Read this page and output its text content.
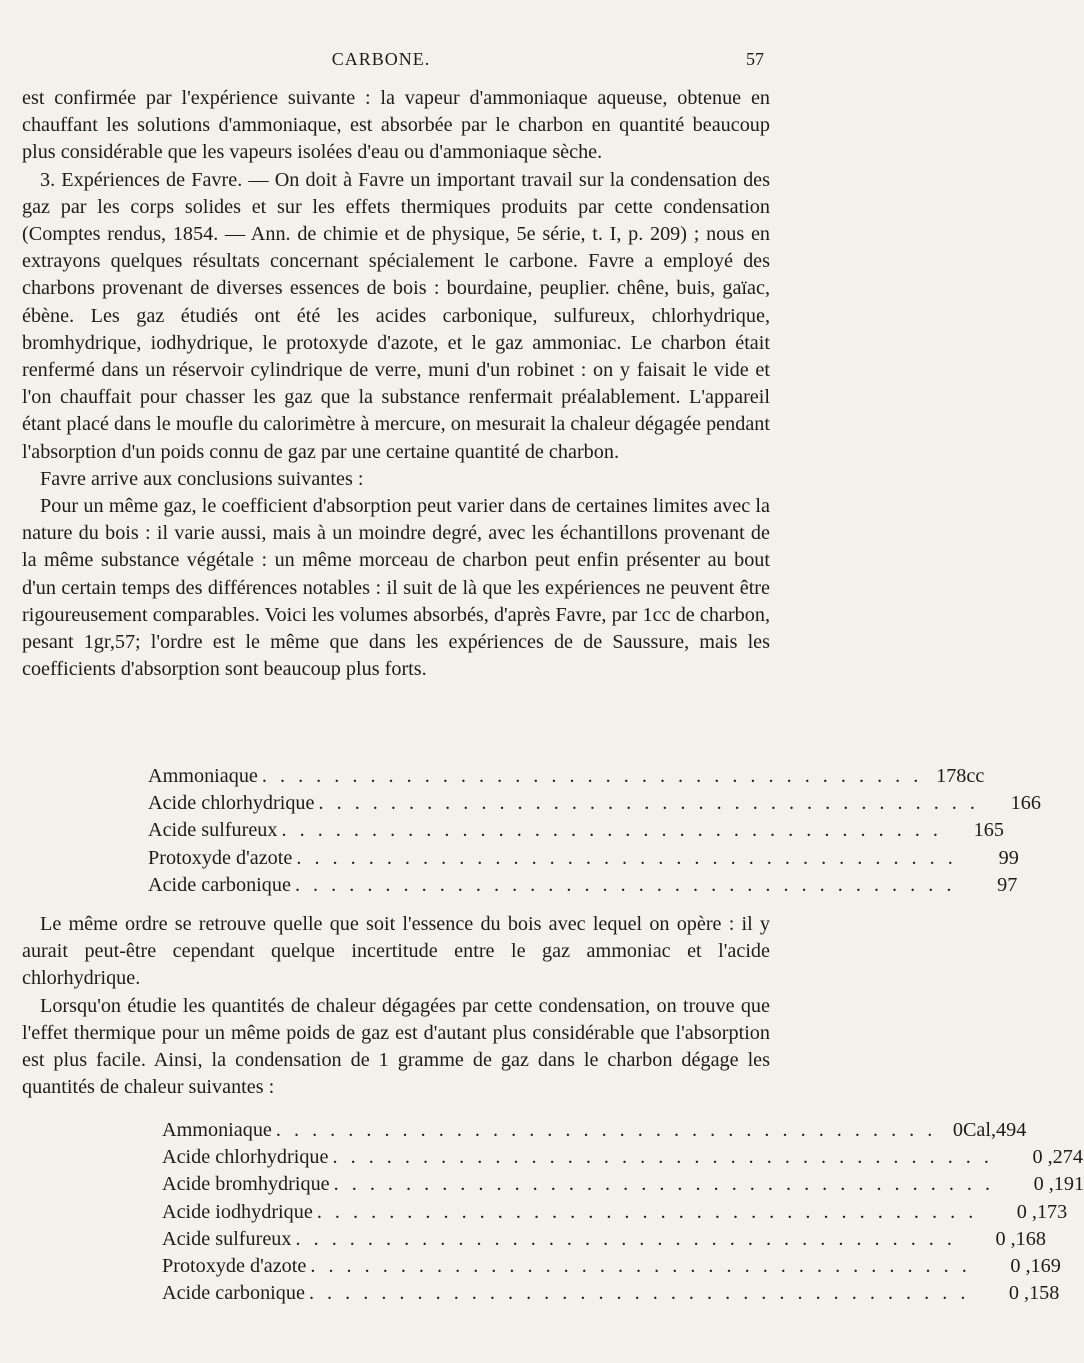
CARBONE.	57

est confirmée par l'expérience suivante : la vapeur d'ammoniaque aqueuse, obtenue en chauffant les solutions d'ammoniaque, est absorbée par le charbon en quantité beaucoup plus considérable que les vapeurs isolées d'eau ou d'ammoniaque sèche.

3. Expériences de Favre. — On doit à Favre un important travail sur la condensation des gaz par les corps solides et sur les effets thermiques produits par cette condensation (Comptes rendus, 1854. — Ann. de chimie et de physique, 5e série, t. I, p. 209) ; nous en extrayons quelques résultats concernant spécialement le carbone. Favre a employé des charbons provenant de diverses essences de bois : bourdaine, peuplier. chêne, buis, gaïac, ébène. Les gaz étudiés ont été les acides carbonique, sulfureux, chlorhydrique, bromhydrique, iodhydrique, le protoxyde d'azote, et le gaz ammoniac. Le charbon était renfermé dans un réservoir cylindrique de verre, muni d'un robinet : on y faisait le vide et l'on chauffait pour chasser les gaz que la substance renfermait préalablement. L'appareil étant placé dans le moufle du calorimètre à mercure, on mesurait la chaleur dégagée pendant l'absorption d'un poids connu de gaz par une certaine quantité de charbon.

Favre arrive aux conclusions suivantes :

Pour un même gaz, le coefficient d'absorption peut varier dans de certaines limites avec la nature du bois : il varie aussi, mais à un moindre degré, avec les échantillons provenant de la même substance végétale : un même morceau de charbon peut enfin présenter au bout d'un certain temps des différences notables : il suit de là que les expériences ne peuvent être rigoureusement comparables. Voici les volumes absorbés, d'après Favre, par 1cc de charbon, pesant 1gr,57; l'ordre est le même que dans les expériences de de Saussure, mais les coefficients d'absorption sont beaucoup plus forts.

Ammoniaque . . . . . . . . . . . . . . . . . . . . . . . . . . . . . . . . . . . . . 178cc
Acide chlorhydrique . . . . . . . . . . . . . . . . . . . . . . . . . . . . . . . . . . . . .	166
Acide sulfureux . . . . . . . . . . . . . . . . . . . . . . . . . . . . . . . . . . . . .	165
Protoxyde d'azote . . . . . . . . . . . . . . . . . . . . . . . . . . . . . . . . . . . . .	99
Acide carbonique . . . . . . . . . . . . . . . . . . . . . . . . . . . . . . . . . . . . .	97

Le même ordre se retrouve quelle que soit l'essence du bois avec lequel on opère : il y aurait peut-être cependant quelque incertitude entre le gaz ammoniac et l'acide chlorhydrique.

Lorsqu'on étudie les quantités de chaleur dégagées par cette condensation, on trouve que l'effet thermique pour un même poids de gaz est d'autant plus considérable que l'absorption est plus facile. Ainsi, la condensation de 1 gramme de gaz dans le charbon dégage les quantités de chaleur suivantes :

Ammoniaque . . . . . . . . . . . . . . . . . . . . . . . . . . . . . . . . . . . . . 0Cal,494
Acide chlorhydrique . . . . . . . . . . . . . . . . . . . . . . . . . . . . . . . . . . . . .	0 ,274
Acide bromhydrique . . . . . . . . . . . . . . . . . . . . . . . . . . . . . . . . . . . . .	0 ,191
Acide iodhydrique . . . . . . . . . . . . . . . . . . . . . . . . . . . . . . . . . . . . .	0 ,173
Acide sulfureux . . . . . . . . . . . . . . . . . . . . . . . . . . . . . . . . . . . . .	0 ,168
Protoxyde d'azote . . . . . . . . . . . . . . . . . . . . . . . . . . . . . . . . . . . . .	0 ,169
Acide carbonique . . . . . . . . . . . . . . . . . . . . . . . . . . . . . . . . . . . . .	0 ,158
